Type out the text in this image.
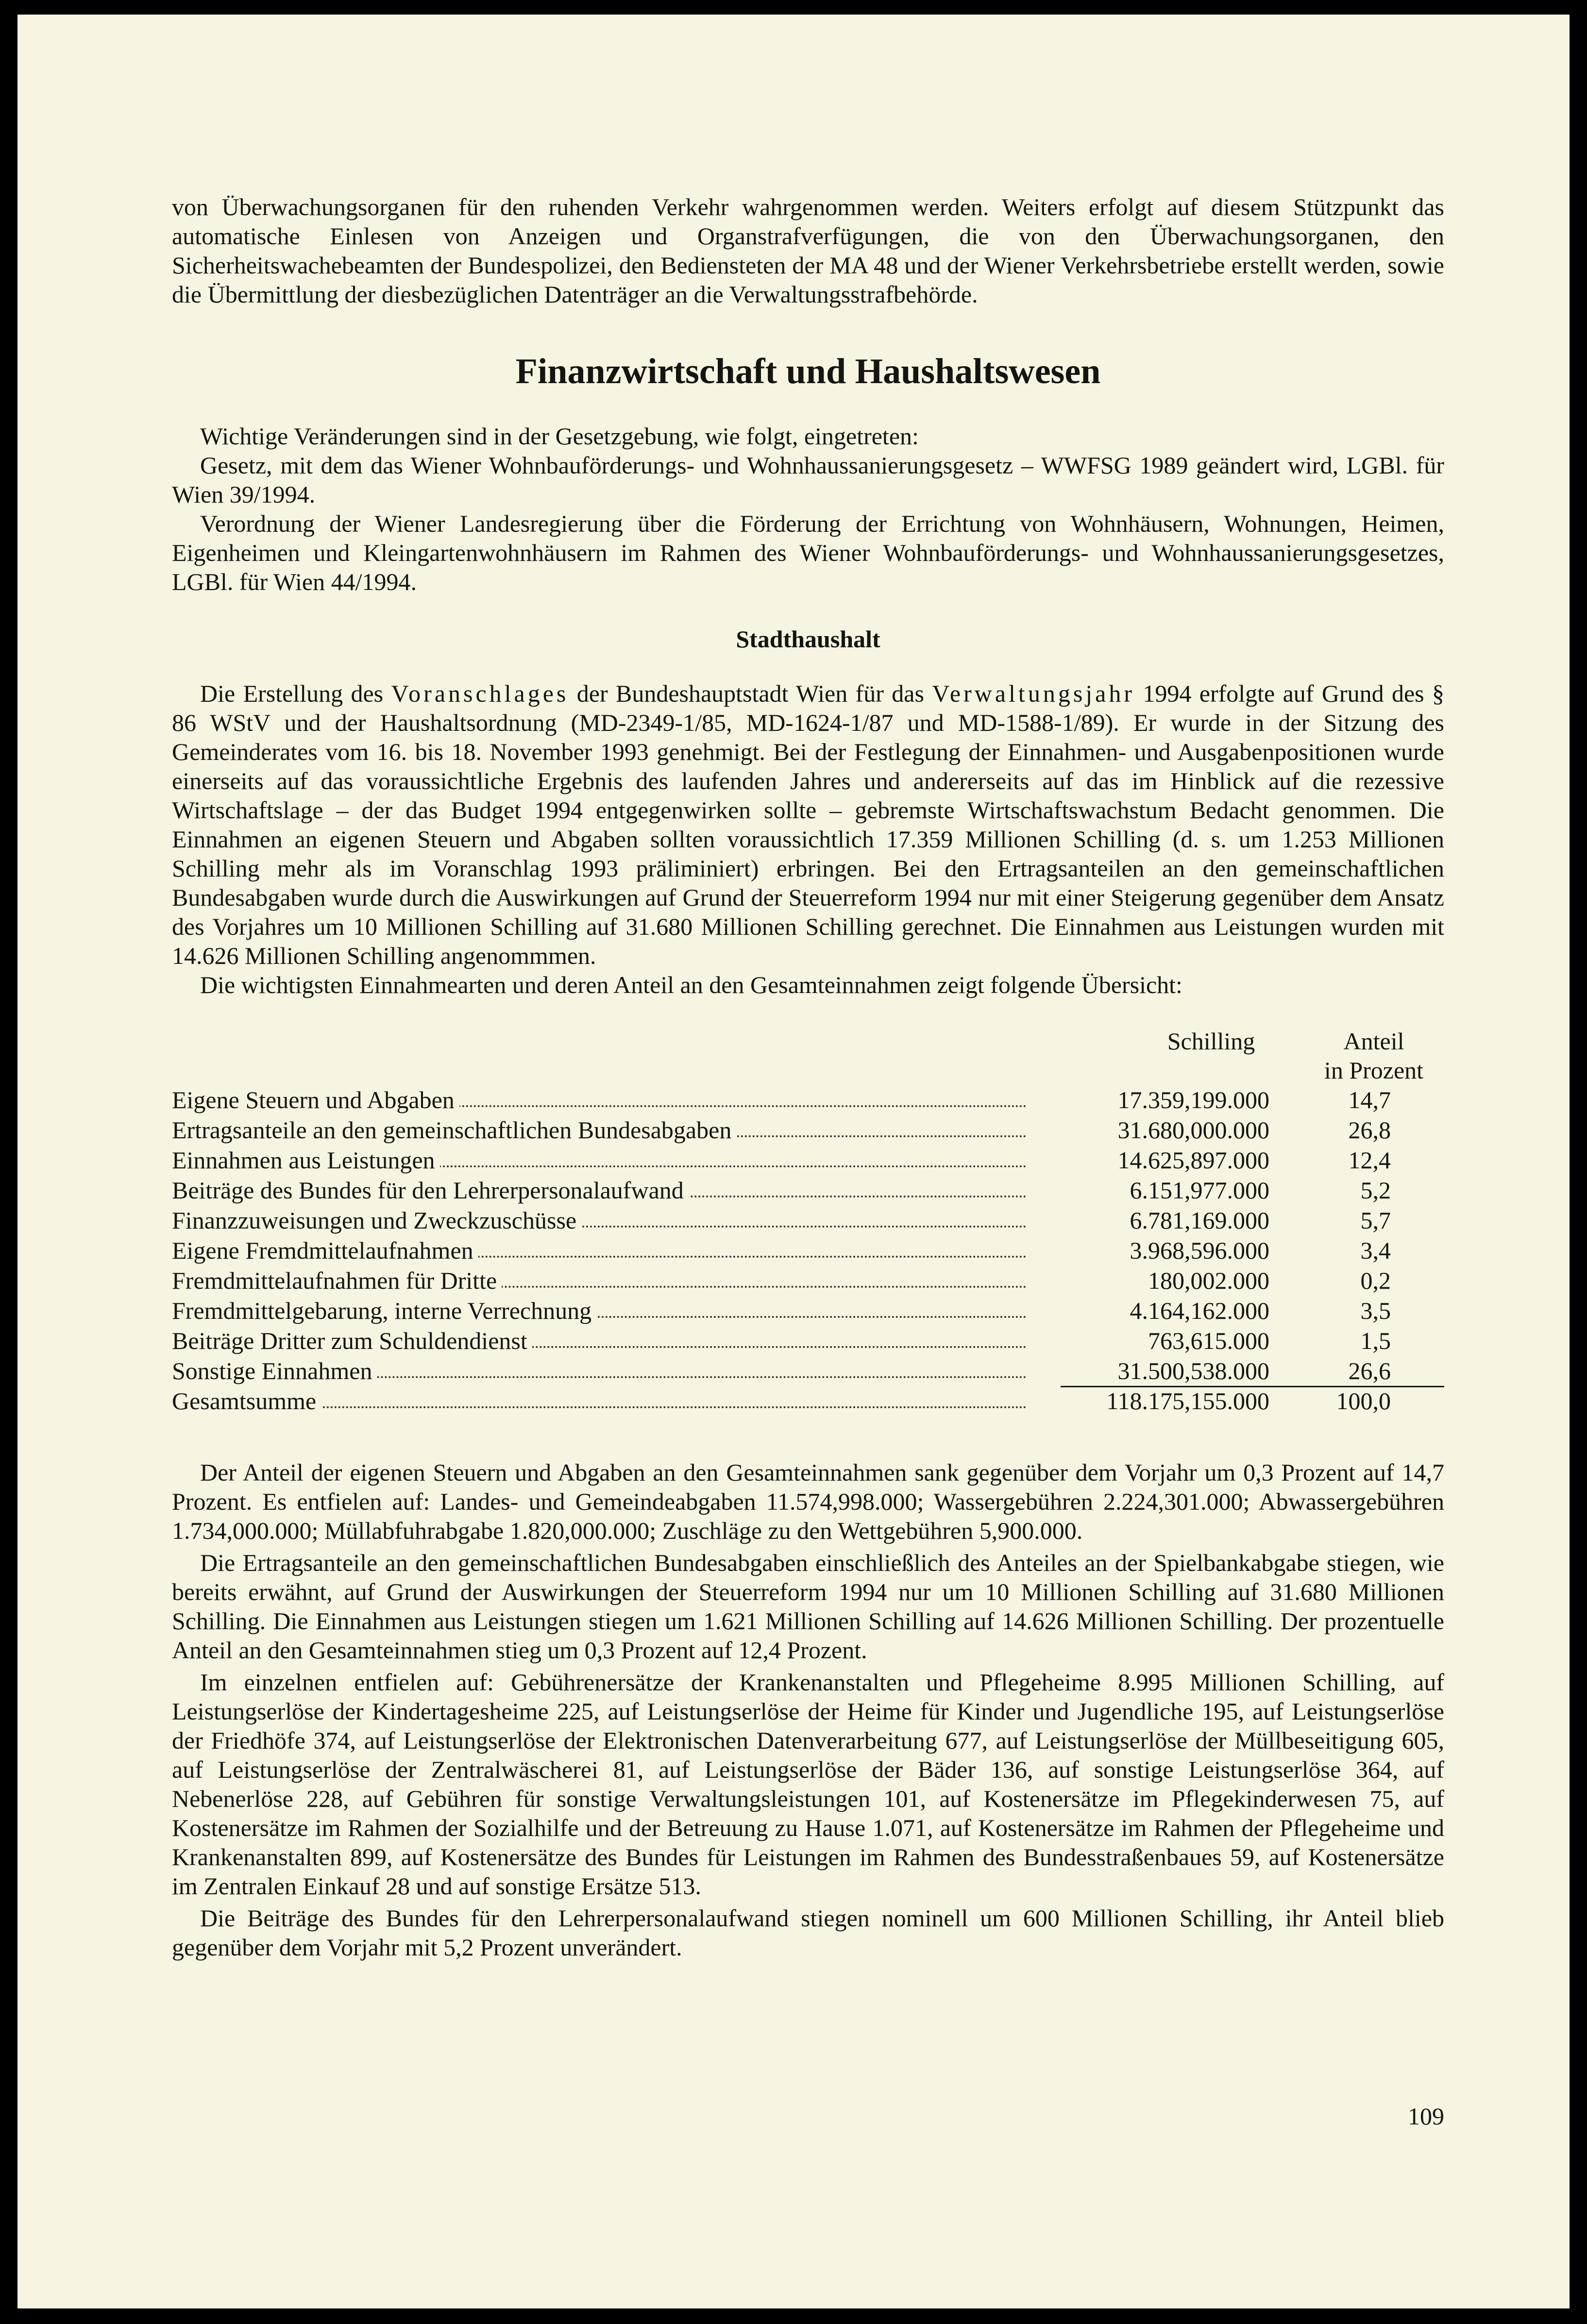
von Überwachungsorganen für den ruhenden Verkehr wahrgenommen werden. Weiters erfolgt auf diesem Stützpunkt das automatische Einlesen von Anzeigen und Organstrafverfügungen, die von den Überwachungsorganen, den Sicherheitswachebeamten der Bundespolizei, den Bediensteten der MA 48 und der Wiener Verkehrsbetriebe erstellt werden, sowie die Übermittlung der diesbezüglichen Datenträger an die Verwaltungsstrafbehörde.

Finanzwirtschaft und Haushaltswesen

Wichtige Veränderungen sind in der Gesetzgebung, wie folgt, eingetreten:

Gesetz, mit dem das Wiener Wohnbauförderungs- und Wohnhaussanierungsgesetz – WWFSG 1989 geändert wird, LGBl. für Wien 39/1994.

Verordnung der Wiener Landesregierung über die Förderung der Errichtung von Wohnhäusern, Wohnungen, Heimen, Eigenheimen und Kleingartenwohnhäusern im Rahmen des Wiener Wohnbauförderungs- und Wohnhaussanierungsgesetzes, LGBl. für Wien 44/1994.

Stadthaushalt

Die Erstellung des Voranschlages der Bundeshauptstadt Wien für das Verwaltungsjahr 1994 erfolgte auf Grund des § 86 WStV und der Haushaltsordnung (MD-2349-1/85, MD-1624-1/87 und MD-1588-1/89). Er wurde in der Sitzung des Gemeinderates vom 16. bis 18. November 1993 genehmigt. Bei der Festlegung der Einnahmen- und Ausgabenpositionen wurde einerseits auf das voraussichtliche Ergebnis des laufenden Jahres und andererseits auf das im Hinblick auf die rezessive Wirtschaftslage – der das Budget 1994 entgegenwirken sollte – gebremste Wirtschaftswachstum Bedacht genommen. Die Einnahmen an eigenen Steuern und Abgaben sollten voraussichtlich 17.359 Millionen Schilling (d. s. um 1.253 Millionen Schilling mehr als im Voranschlag 1993 präliminiert) erbringen. Bei den Ertragsanteilen an den gemeinschaftlichen Bundesabgaben wurde durch die Auswirkungen auf Grund der Steuerreform 1994 nur mit einer Steigerung gegenüber dem Ansatz des Vorjahres um 10 Millionen Schilling auf 31.680 Millionen Schilling gerechnet. Die Einnahmen aus Leistungen wurden mit 14.626 Millionen Schilling angenommmen.

Die wichtigsten Einnahmearten und deren Anteil an den Gesamteinnahmen zeigt folgende Übersicht:

Schilling	Anteil
in Prozent
Eigene Steuern und Abgaben	17.359,199.000	14,7
Ertragsanteile an den gemeinschaftlichen Bundesabgaben	31.680,000.000	26,8
Einnahmen aus Leistungen	14.625,897.000	12,4
Beiträge des Bundes für den Lehrerpersonalaufwand	6.151,977.000	5,2
Finanzzuweisungen und Zweckzuschüsse	6.781,169.000	5,7
Eigene Fremdmittelaufnahmen	3.968,596.000	3,4
Fremdmittelaufnahmen für Dritte	180,002.000	0,2
Fremdmittelgebarung, interne Verrechnung	4.164,162.000	3,5
Beiträge Dritter zum Schuldendienst	763,615.000	1,5
Sonstige Einnahmen	31.500,538.000	26,6
Gesamtsumme	118.175,155.000	100,0

Der Anteil der eigenen Steuern und Abgaben an den Gesamteinnahmen sank gegenüber dem Vorjahr um 0,3 Prozent auf 14,7 Prozent. Es entfielen auf: Landes- und Gemeindeabgaben 11.574,998.000; Wassergebühren 2.224,301.000; Abwassergebühren 1.734,000.000; Müllabfuhrabgabe 1.820,000.000; Zuschläge zu den Wettgebühren 5,900.000.

Die Ertragsanteile an den gemeinschaftlichen Bundesabgaben einschließlich des Anteiles an der Spielbankabgabe stiegen, wie bereits erwähnt, auf Grund der Auswirkungen der Steuerreform 1994 nur um 10 Millionen Schilling auf 31.680 Millionen Schilling. Die Einnahmen aus Leistungen stiegen um 1.621 Millionen Schilling auf 14.626 Millionen Schilling. Der prozentuelle Anteil an den Gesamteinnahmen stieg um 0,3 Prozent auf 12,4 Prozent.

Im einzelnen entfielen auf: Gebührenersätze der Krankenanstalten und Pflegeheime 8.995 Millionen Schilling, auf Leistungserlöse der Kindertagesheime 225, auf Leistungserlöse der Heime für Kinder und Jugendliche 195, auf Leistungserlöse der Friedhöfe 374, auf Leistungserlöse der Elektronischen Datenverarbeitung 677, auf Leistungserlöse der Müllbeseitigung 605, auf Leistungserlöse der Zentralwäscherei 81, auf Leistungserlöse der Bäder 136, auf sonstige Leistungserlöse 364, auf Nebenerlöse 228, auf Gebühren für sonstige Verwaltungsleistungen 101, auf Kostenersätze im Pflegekinderwesen 75, auf Kostenersätze im Rahmen der Sozialhilfe und der Betreuung zu Hause 1.071, auf Kostenersätze im Rahmen der Pflegeheime und Krankenanstalten 899, auf Kostenersätze des Bundes für Leistungen im Rahmen des Bundesstraßenbaues 59, auf Kostenersätze im Zentralen Einkauf 28 und auf sonstige Ersätze 513.

Die Beiträge des Bundes für den Lehrerpersonalaufwand stiegen nominell um 600 Millionen Schilling, ihr Anteil blieb gegenüber dem Vorjahr mit 5,2 Prozent unverändert.

109
